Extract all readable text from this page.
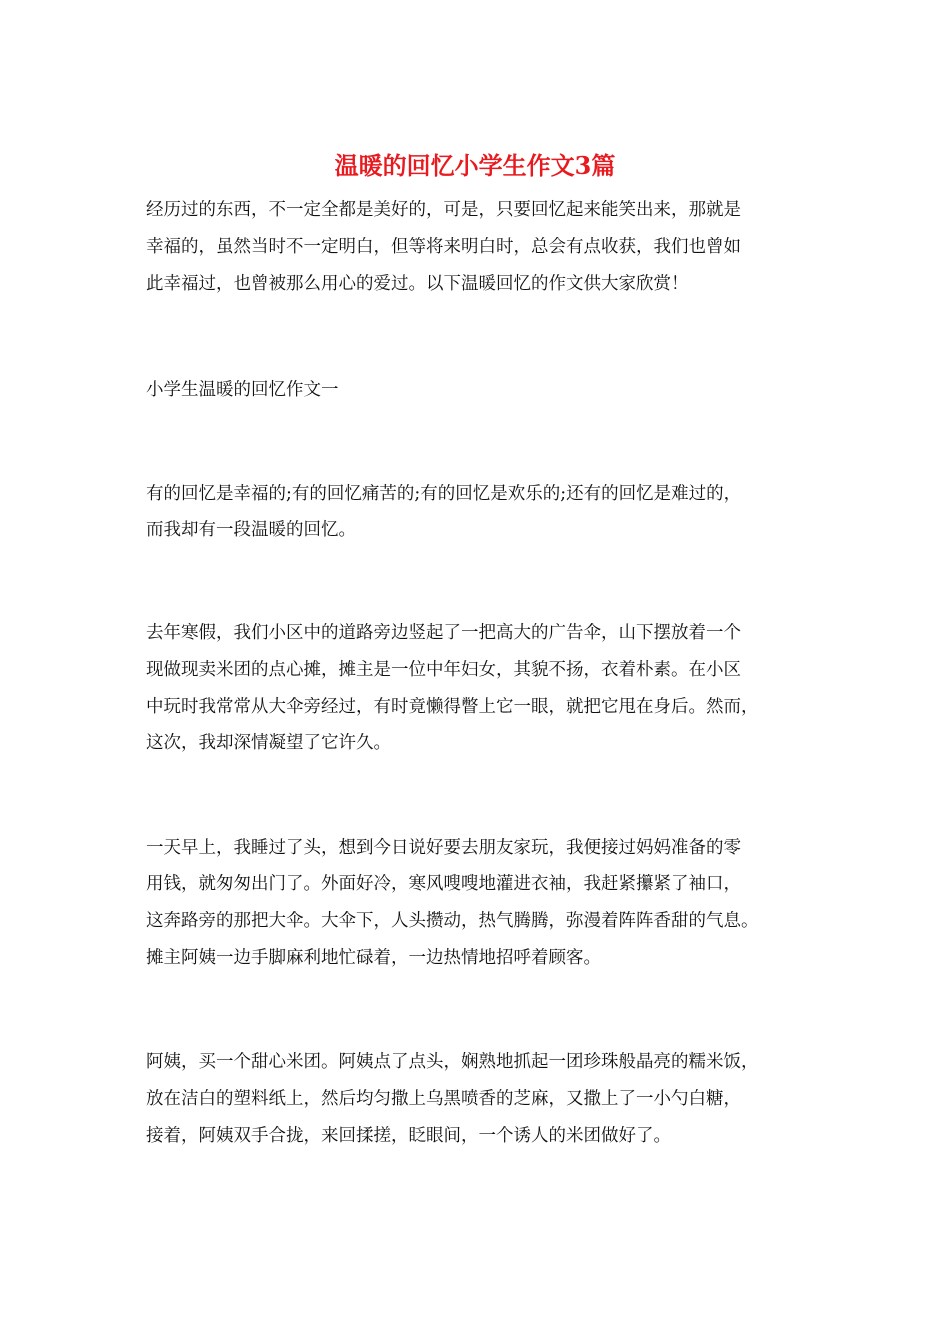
温暖的回忆小学生作文3篇
经历过的东西，不一定全都是美好的，可是，只要回忆起来能笑出来，那就是
幸福的，虽然当时不一定明白，但等将来明白时，总会有点收获，我们也曾如
此幸福过，也曾被那么用心的爱过。以下温暖回忆的作文供大家欣赏！
小学生温暖的回忆作文一
有的回忆是幸福的;有的回忆痛苦的;有的回忆是欢乐的;还有的回忆是难过的，
而我却有一段温暖的回忆。
去年寒假，我们小区中的道路旁边竖起了一把高大的广告伞，山下摆放着一个
现做现卖米团的点心摊，摊主是一位中年妇女，其貌不扬，衣着朴素。在小区
中玩时我常常从大伞旁经过，有时竟懒得瞥上它一眼，就把它甩在身后。然而，
这次，我却深情凝望了它许久。
一天早上，我睡过了头，想到今日说好要去朋友家玩，我便接过妈妈准备的零
用钱，就匆匆出门了。外面好冷，寒风嗖嗖地灌进衣袖，我赶紧攥紧了袖口，
这奔路旁的那把大伞。大伞下，人头攒动，热气腾腾，弥漫着阵阵香甜的气息。
摊主阿姨一边手脚麻利地忙碌着，一边热情地招呼着顾客。
阿姨，买一个甜心米团。阿姨点了点头，娴熟地抓起一团珍珠般晶亮的糯米饭，
放在洁白的塑料纸上，然后均匀撒上乌黑喷香的芝麻，又撒上了一小勺白糖，
接着，阿姨双手合拢，来回揉搓，眨眼间，一个诱人的米团做好了。
